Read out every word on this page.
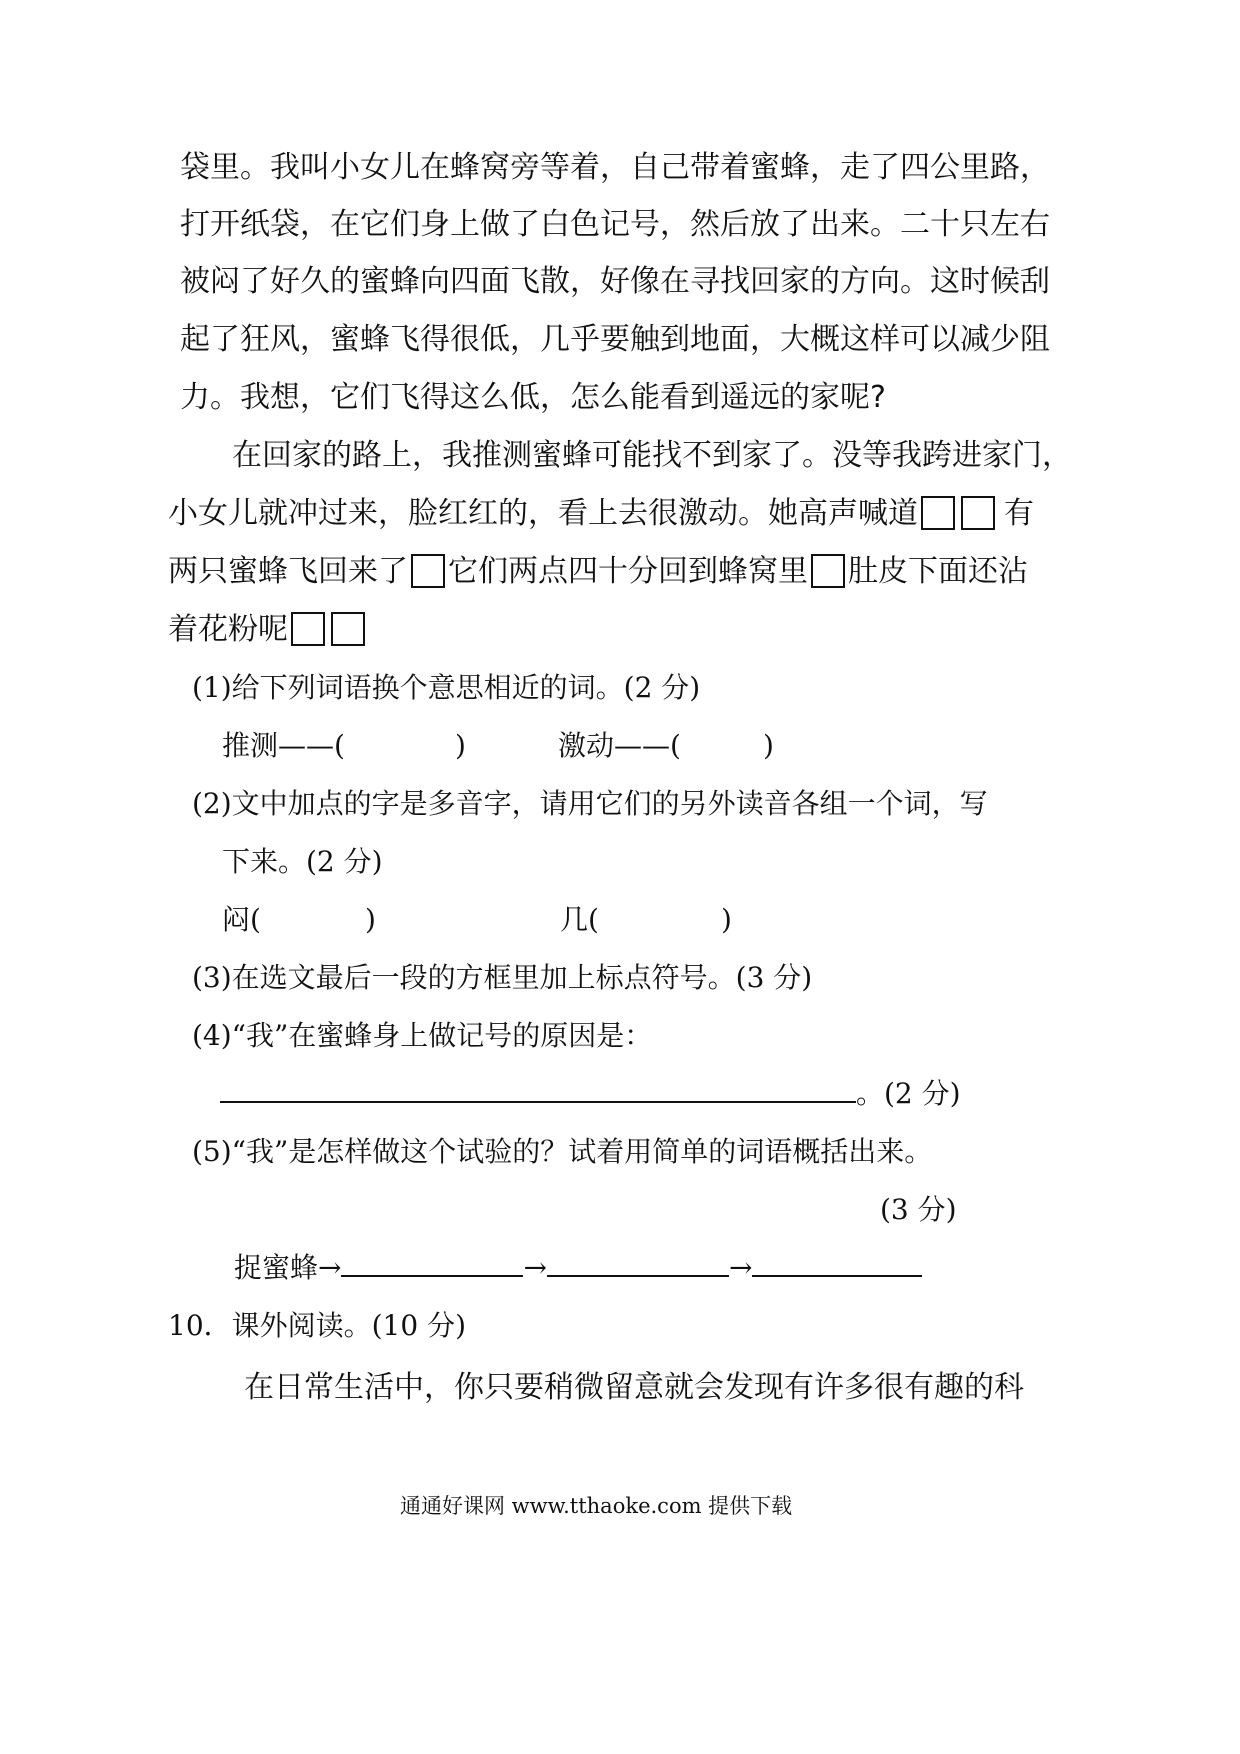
袋里。我叫小女儿在蜂窝旁等着，自己带着蜜蜂，走了四公里路，
打开纸袋，在它们身上做了白色记号，然后放了出来。二十只左右
被闷了好久的蜜蜂向四面飞散，好像在寻找回家的方向。这时候刮
起了狂风，蜜蜂飞得很低，几乎要触到地面，大概这样可以减少阻
力。我想，它们飞得这么低，怎么能看到遥远的家呢?
在回家的路上，我推测蜜蜂可能找不到家了。没等我跨进家门，
小女儿就冲过来，脸红红的，看上去很激动。她高声喊道	有
两只蜜蜂飞回来了 它们两点四十分回到蜂窝里 肚皮下面还沾
着花粉呢
(1)给下列词语换个意思相近的词。(2 分)
推测——(	)	激动——(	)
(2)文中加点的字是多音字，请用它们的另外读音各组一个词，写
下来。(2 分)
闷(	)	几(	)
(3)在选文最后一段的方框里加上标点符号。(3 分)
(4)“我”在蜜蜂身上做记号的原因是：
。(2 分)
(5)“我”是怎样做这个试验的？试着用简单的词语概括出来。
(3 分)
捉蜜蜂→	→	→
10．课外阅读。(10 分)
在日常生活中，你只要稍微留意就会发现有许多很有趣的科
通通好课网 www.tthaoke.com 提供下载
